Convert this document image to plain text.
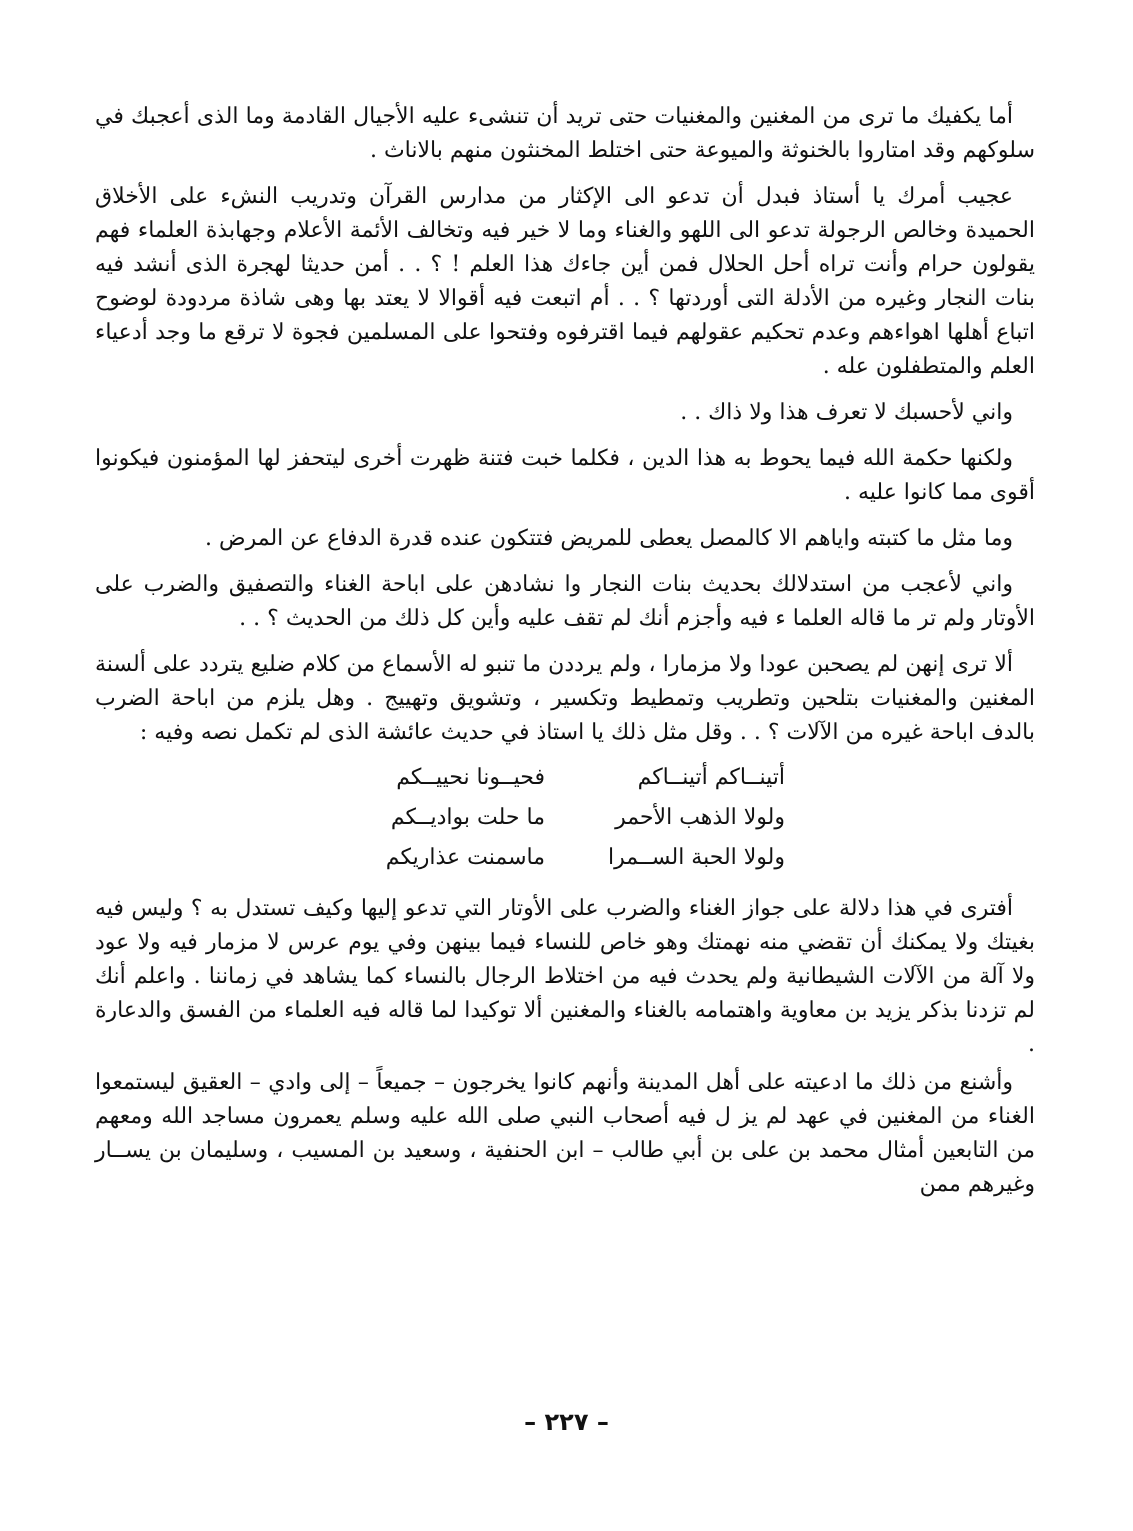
أما يكفيك ما ترى من المغنين والمغنيات حتى تريد أن تنشىء عليه الأجيال القادمة وما الذى أعجبك في سلوكهم وقد امتاروا بالخنوثة والميوعة حتى اختلط المخنثون منهم بالاناث .

عجيب أمرك يا أستاذ فبدل أن تدعو الى الإكثار من مدارس القرآن وتدريب النشء على الأخلاق الحميدة وخالص الرجولة تدعو الى اللهو والغناء وما لا خير فيه وتخالف الأئمة الأعلام وجهابذة العلماء فهم يقولون حرام وأنت تراه أحل الحلال فمن أين جاءك هذا العلم ! ؟ . . أمن حديثا لهجرة الذى أنشد فيه بنات النجار وغيره من الأدلة التى أوردتها ؟ . . أم اتبعت فيه أقوالا لا يعتد بها وهى شاذة مردودة لوضوح اتباع أهلها اهواءهم وعدم تحكيم عقولهم فيما اقترفوه وفتحوا على المسلمين فجوة لا ترقع ما وجد أدعياء العلم والمتطفلون عله .

واني لأحسبك لا تعرف هذا ولا ذاك . .

ولكنها حكمة الله فيما يحوط به هذا الدين ، فكلما خبت فتنة ظهرت أخرى ليتحفز لها المؤمنون فيكونوا أقوى مما كانوا عليه .

وما مثل ما كتبته واياهم الا كالمصل يعطى للمريض فتتكون عنده قدرة الدفاع عن المرض .

واني لأعجب من استدلالك بحديث بنات النجار وا نشادهن على اباحة الغناء والتصفيق والضرب على الأوتار ولم تر ما قاله العلما ء فيه وأجزم أنك لم تقف عليه وأين كل ذلك من الحديث ؟ . .

ألا ترى إنهن لم يصحبن عودا ولا مزمارا ، ولم يرددن ما تنبو له الأسماع من كلام ضليع يتردد على ألسنة المغنين والمغنيات بتلحين وتطريب وتمطيط وتكسير ، وتشويق وتهييج . وهل يلزم من اباحة الضرب بالدف اباحة غيره من الآلات ؟ . . وقل مثل ذلك يا استاذ في حديث عائشة الذى لم تكمل نصه وفيه :

أتينــاكم أتينــاكم
فحيــونا نحييــكم
ولولا الذهب الأحمر
ما حلت بواديــكم
ولولا الحبة الســمرا
ماسمنت عذاريكم

أفترى في هذا دلالة على جواز الغناء والضرب على الأوتار التي تدعو إليها وكيف تستدل به ؟ وليس فيه بغيتك ولا يمكنك أن تقضي منه نهمتك وهو خاص للنساء فيما بينهن وفي يوم عرس لا مزمار فيه ولا عود ولا آلة من الآلات الشيطانية ولم يحدث فيه من اختلاط الرجال بالنساء كما يشاهد في زماننا . واعلم أنك لم تزدنا بذكر يزيد بن معاوية واهتمامه بالغناء والمغنين ألا توكيدا لما قاله فيه العلماء من الفسق والدعارة .

وأشنع من ذلك ما ادعيته على أهل المدينة وأنهم كانوا يخرجون – جميعاً – إلى وادي – العقيق ليستمعوا الغناء من المغنين في عهد لم يز ل فيه أصحاب النبي صلى الله عليه وسلم يعمرون مساجد الله ومعهم من التابعين أمثال محمد بن على بن أبي طالب – ابن الحنفية ، وسعيد بن المسيب ، وسليمان بن يســار وغيرهم ممن

– ٢٢٧ –
